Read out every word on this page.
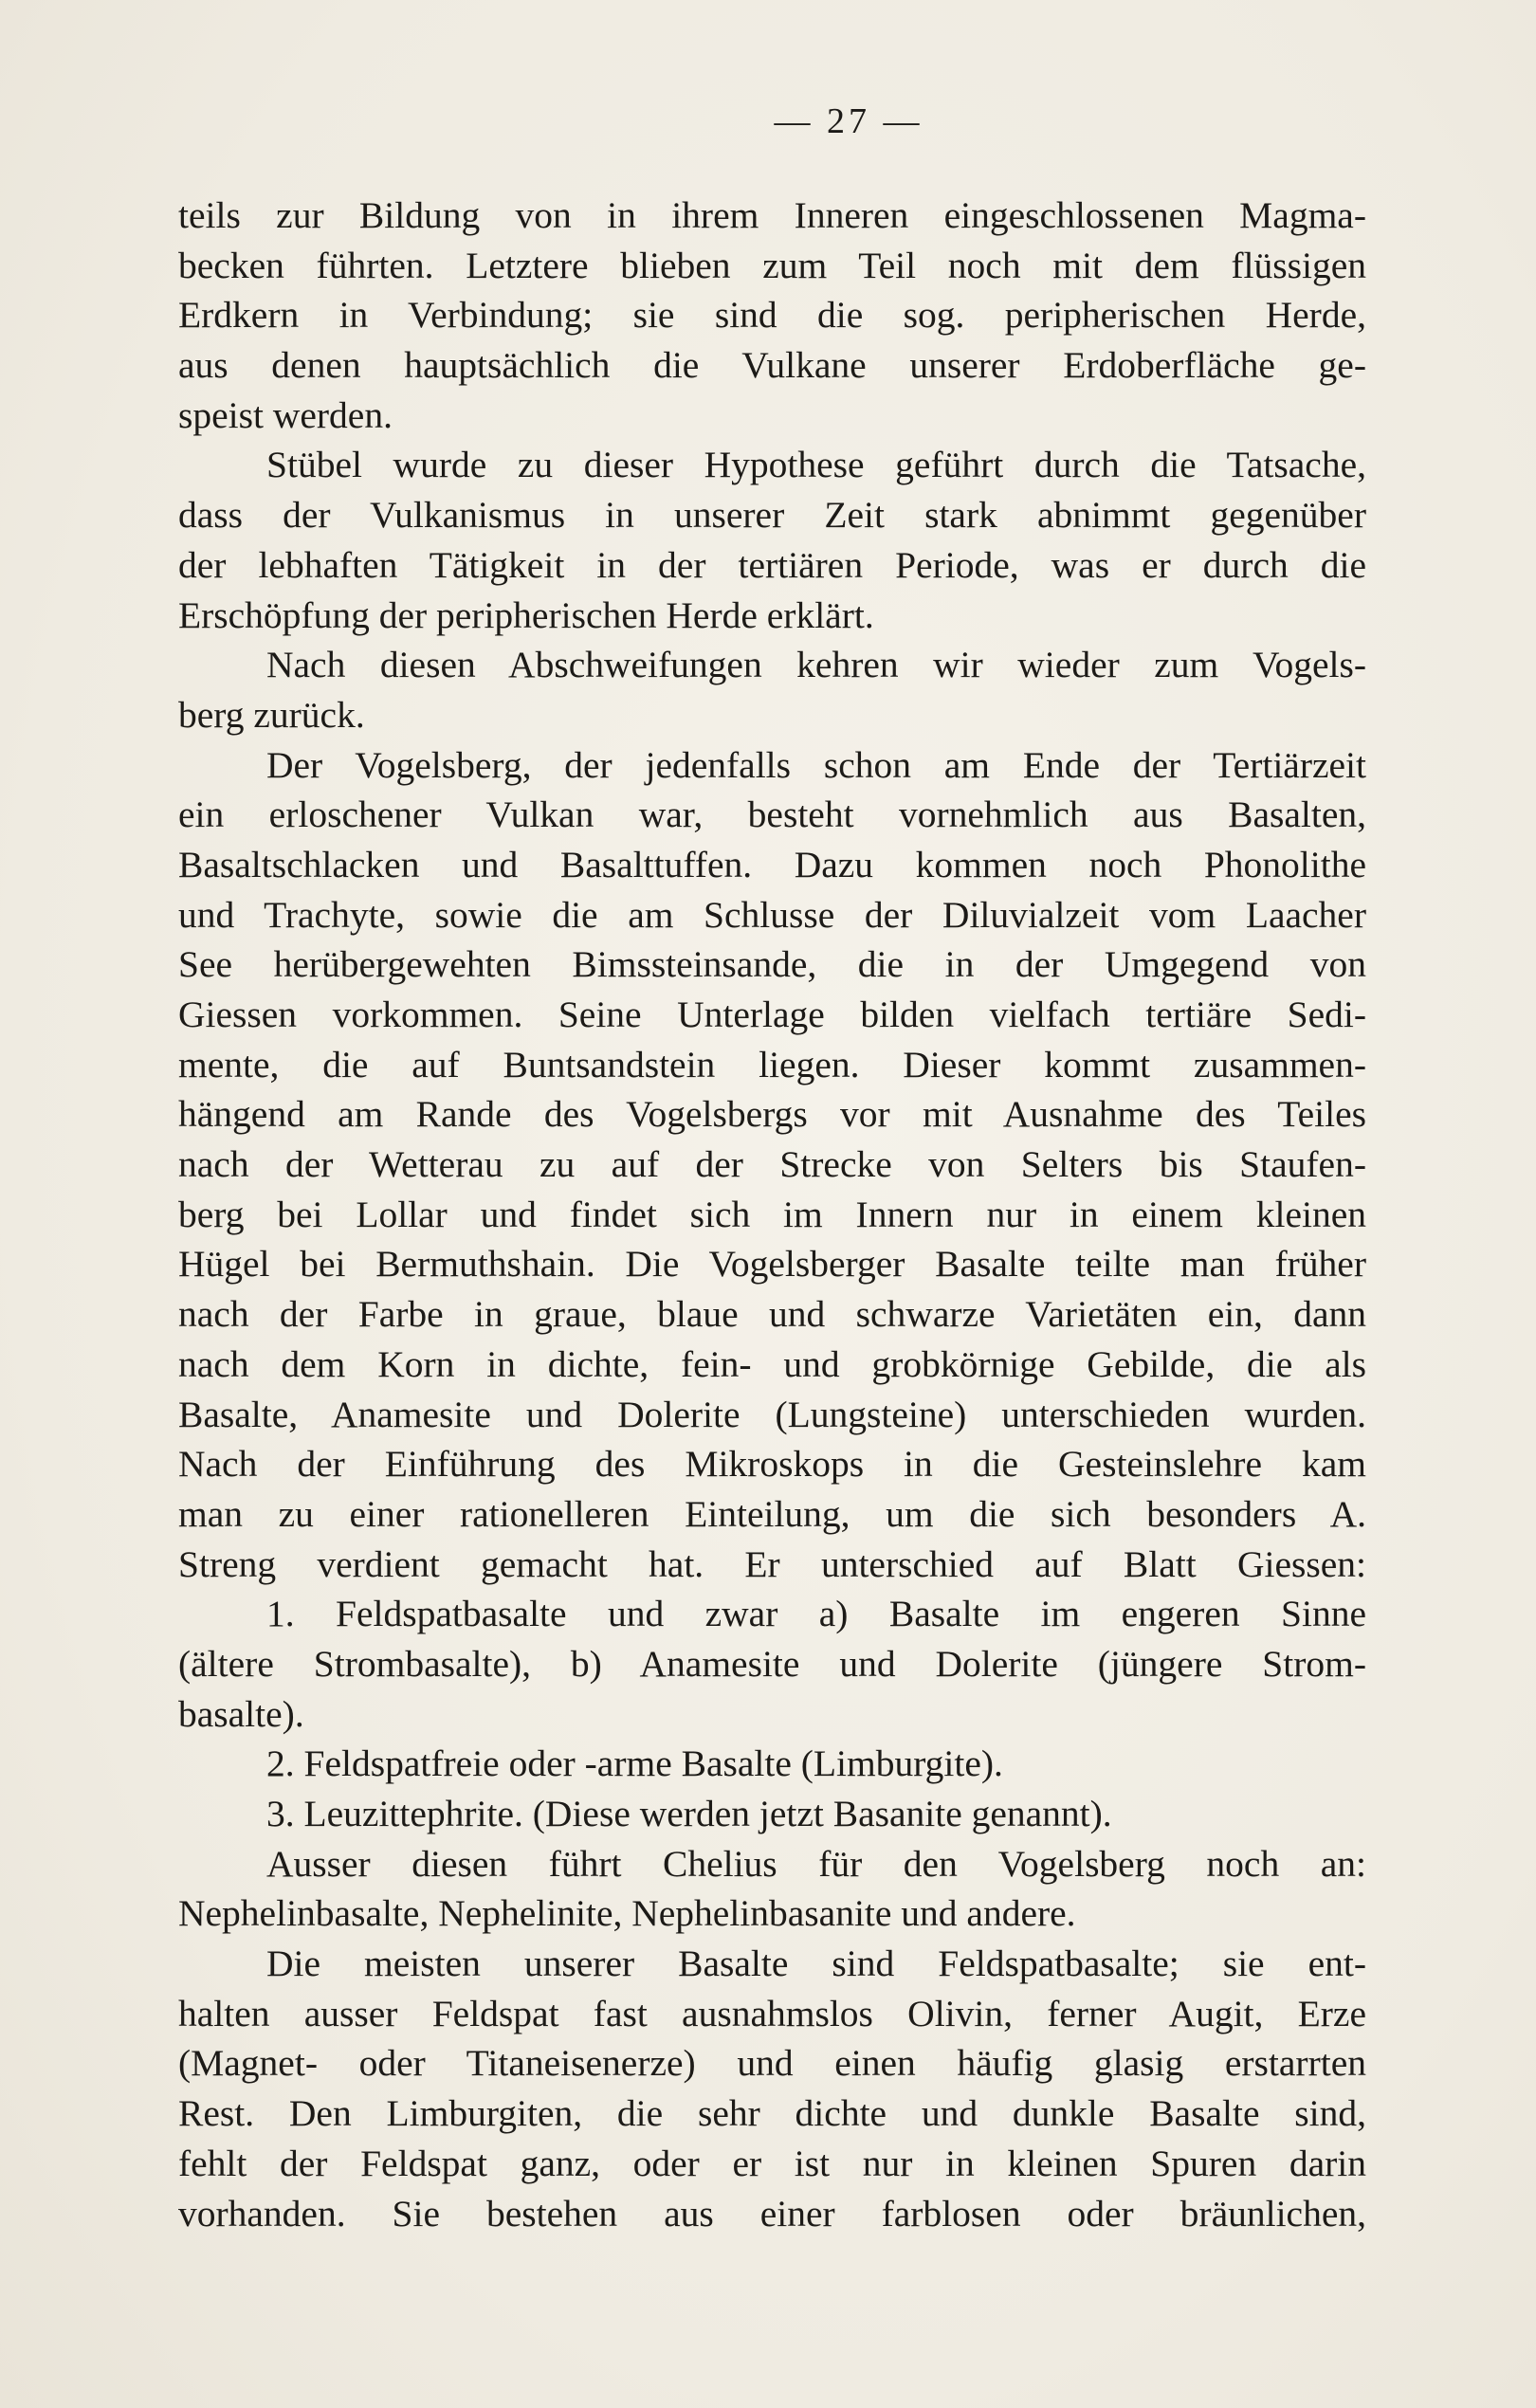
— 27 —
teils zur Bildung von in ihrem Inneren eingeschlossenen Magma-
becken führten. Letztere blieben zum Teil noch mit dem flüssigen
Erdkern in Verbindung; sie sind die sog. peripherischen Herde,
aus denen hauptsächlich die Vulkane unserer Erdoberfläche ge-
speist werden.
Stübel wurde zu dieser Hypothese geführt durch die Tatsache,
dass der Vulkanismus in unserer Zeit stark abnimmt gegenüber
der lebhaften Tätigkeit in der tertiären Periode, was er durch die
Erschöpfung der peripherischen Herde erklärt.
Nach diesen Abschweifungen kehren wir wieder zum Vogels-
berg zurück.
Der Vogelsberg, der jedenfalls schon am Ende der Tertiärzeit
ein erloschener Vulkan war, besteht vornehmlich aus Basalten,
Basaltschlacken und Basalttuffen. Dazu kommen noch Phonolithe
und Trachyte, sowie die am Schlusse der Diluvialzeit vom Laacher
See herübergewehten Bimssteinsande, die in der Umgegend von
Giessen vorkommen. Seine Unterlage bilden vielfach tertiäre Sedi-
mente, die auf Buntsandstein liegen. Dieser kommt zusammen-
hängend am Rande des Vogelsbergs vor mit Ausnahme des Teiles
nach der Wetterau zu auf der Strecke von Selters bis Staufen-
berg bei Lollar und findet sich im Innern nur in einem kleinen
Hügel bei Bermuthshain. Die Vogelsberger Basalte teilte man früher
nach der Farbe in graue, blaue und schwarze Varietäten ein, dann
nach dem Korn in dichte, fein- und grobkörnige Gebilde, die als
Basalte, Anamesite und Dolerite (Lungsteine) unterschieden wurden.
Nach der Einführung des Mikroskops in die Gesteinslehre kam
man zu einer rationelleren Einteilung, um die sich besonders A.
Streng verdient gemacht hat. Er unterschied auf Blatt Giessen:
1. Feldspatbasalte und zwar a) Basalte im engeren Sinne
(ältere Strombasalte), b) Anamesite und Dolerite (jüngere Strom-
basalte).
2. Feldspatfreie oder -arme Basalte (Limburgite).
3. Leuzittephrite. (Diese werden jetzt Basanite genannt).
Ausser diesen führt Chelius für den Vogelsberg noch an:
Nephelinbasalte, Nephelinite, Nephelinbasanite und andere.
Die meisten unserer Basalte sind Feldspatbasalte; sie ent-
halten ausser Feldspat fast ausnahmslos Olivin, ferner Augit, Erze
(Magnet- oder Titaneisenerze) und einen häufig glasig erstarrten
Rest. Den Limburgiten, die sehr dichte und dunkle Basalte sind,
fehlt der Feldspat ganz, oder er ist nur in kleinen Spuren darin
vorhanden. Sie bestehen aus einer farblosen oder bräunlichen,
